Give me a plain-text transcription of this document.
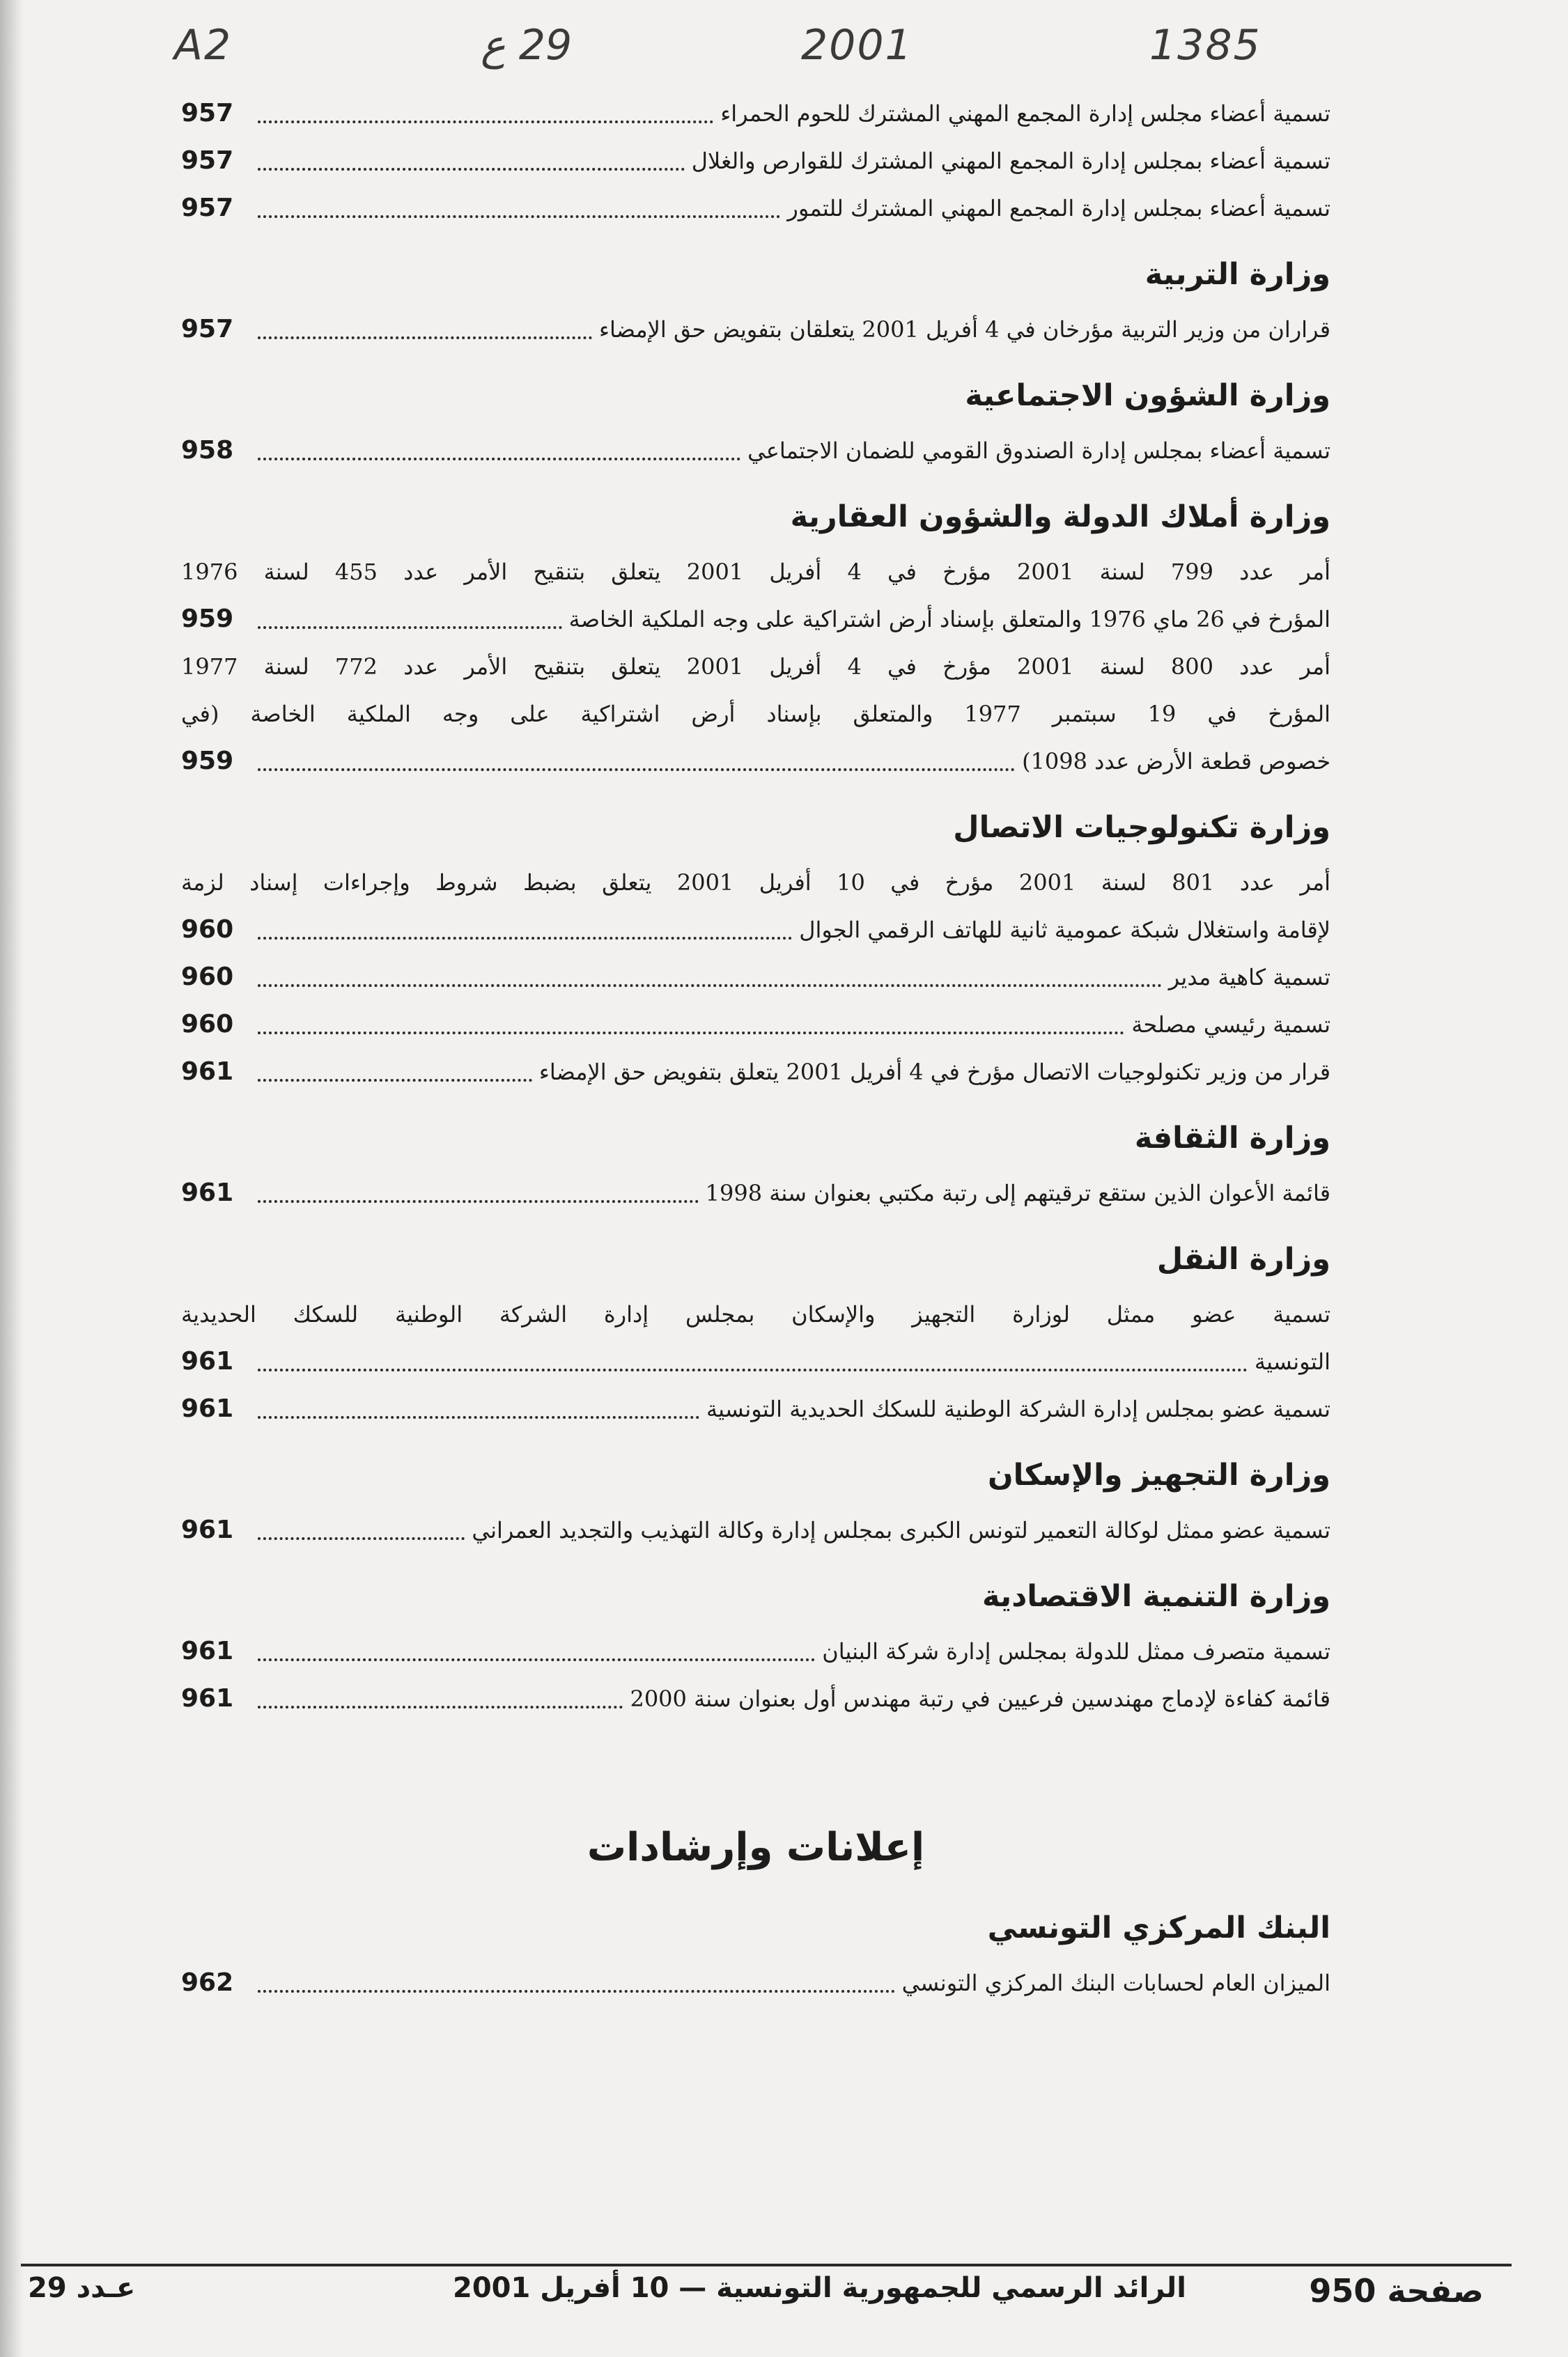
A2	29 ع	2001	1385
تسمية أعضاء مجلس إدارة المجمع المهني المشترك للحوم الحمراء
957
تسمية أعضاء بمجلس إدارة المجمع المهني المشترك للقوارص والغلال
957
تسمية أعضاء بمجلس إدارة المجمع المهني المشترك للتمور
957
وزارة التربية
قراران من وزير التربية مؤرخان في 4 أفريل 2001 يتعلقان بتفويض حق الإمضاء
957
وزارة الشؤون الاجتماعية
تسمية أعضاء بمجلس إدارة الصندوق القومي للضمان الاجتماعي
958
وزارة أملاك الدولة والشؤون العقارية
أمر عدد 799 لسنة 2001 مؤرخ في 4 أفريل 2001 يتعلق بتنقيح الأمر عدد 455 لسنة 1976
المؤرخ في 26 ماي 1976 والمتعلق بإسناد أرض اشتراكية على وجه الملكية الخاصة
959
أمر عدد 800 لسنة 2001 مؤرخ في 4 أفريل 2001 يتعلق بتنقيح الأمر عدد 772 لسنة 1977
المؤرخ في 19 سبتمبر 1977 والمتعلق بإسناد أرض اشتراكية على وجه الملكية الخاصة (في
خصوص قطعة الأرض عدد 1098)
959
وزارة تكنولوجيات الاتصال
أمر عدد 801 لسنة 2001 مؤرخ في 10 أفريل 2001 يتعلق بضبط شروط وإجراءات إسناد لزمة
لإقامة واستغلال شبكة عمومية ثانية للهاتف الرقمي الجوال
960
تسمية كاهية مدير
960
تسمية رئيسي مصلحة
960
قرار من وزير تكنولوجيات الاتصال مؤرخ في 4 أفريل 2001 يتعلق بتفويض حق الإمضاء
961
وزارة الثقافة
قائمة الأعوان الذين ستقع ترقيتهم إلى رتبة مكتبي بعنوان سنة 1998
961
وزارة النقل
تسمية عضو ممثل لوزارة التجهيز والإسكان بمجلس إدارة الشركة الوطنية للسكك الحديدية
التونسية
961
تسمية عضو بمجلس إدارة الشركة الوطنية للسكك الحديدية التونسية
961
وزارة التجهيز والإسكان
تسمية عضو ممثل لوكالة التعمير لتونس الكبرى بمجلس إدارة وكالة التهذيب والتجديد العمراني
961
وزارة التنمية الاقتصادية
تسمية متصرف ممثل للدولة بمجلس إدارة شركة البنيان
961
قائمة كفاءة لإدماج مهندسين فرعيين في رتبة مهندس أول بعنوان سنة 2000
961
إعلانات وإرشادات
البنك المركزي التونسي
الميزان العام لحسابات البنك المركزي التونسي
962
عـدد 29	الرائد الرسمي للجمهورية التونسية — 10 أفريل 2001	صفحة 950
